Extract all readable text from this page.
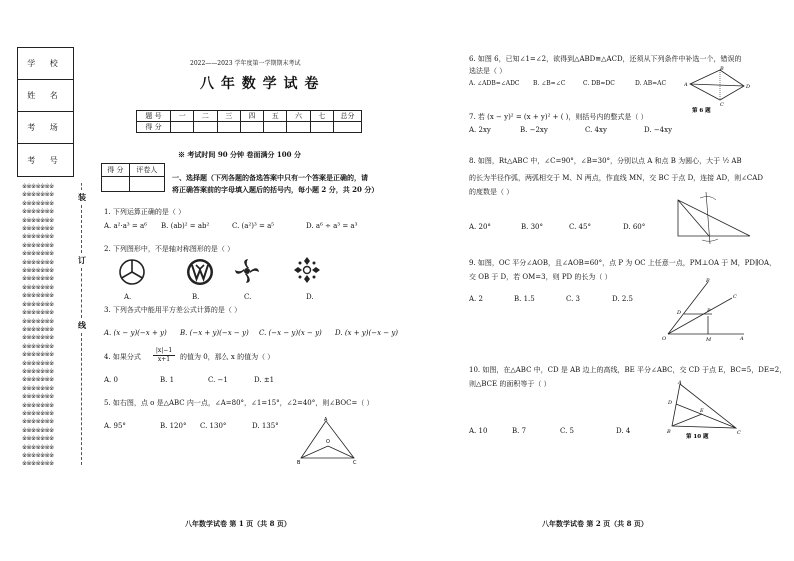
学 校
姓 名
考 场
考 号
※※※※※※※
※※※※※※※
※※※※※※※
※※※※※※※
※※※※※※※
※※※※※※※
※※※※※※※
※※※※※※※
※※※※※※※
※※※※※※※
※※※※※※※
※※※※※※※
※※※※※※※
※※※※※※※
※※※※※※※
※※※※※※※
※※※※※※※
※※※※※※※
※※※※※※※
※※※※※※※
※※※※※※※
※※※※※※※
※※※※※※※
※※※※※※※
※※※※※※※
※※※※※※※
※※※※※※※
※※※※※※※
※※※※※※※
※※※※※※※
※※※※※※※
※※※※※※※
※※※※※※※
※※※※※※※
装
订
线
2022——2023 学年度第一学期期末考试
八 年 数 学 试 卷
题 号	一	二	三	四	五	六	七	总分
得 分								
※ 考试时间 90 分钟 卷面满分 100 分
得 分	评卷人

一、选择题（下列各题的备选答案中只有一个答案是正确的，请
将正确答案前的字母填入题后的括号内，每小题 2 分，共 20 分）
1. 下列运算正确的是（ ）
A. a²·a³ = a⁶ B. (ab)² = ab²	C. (a²)³ = a⁵	D. a⁶ ÷ a³ = a³
2. 下列图形中，不是轴对称图形的是（ ）
A.	B.	C.	D.
3. 下列各式中能用平方差公式计算的是（ ）
A. (x − y)(−x + y) B. (−x + y)(−x − y) C. (−x − y)(x − y) D. (x + y)(−x − y)
4. 如果分式 $\frac{|x|-1}{x+1}$ 的值为 0，那么 x 的值为（ ）
A. 0	B. 1	C. −1	D. ±1
5. 如右图，点 o 是△ABC 内一点，∠A=80°，∠1=15°，∠2=40°，则∠BOC=（ ）
A. 95°	B. 120° C. 130°	D. 135°
A
B	C
O
6. 如图 6，已知∠1=∠2，欲得到△ABD≅△ACD，还须从下列条件中补选一个，错误的
选法是（ ）
A. ∠ADB=∠ADC B. ∠B=∠C	C. DB=DC	D. AB=AC	A
B
C
D
第 6 题
7. 若 (x − y)² = (x + y)² + ( )，则括号内的整式是（ ）
A. 2xy	B. −2xy	C. 4xy	D. −4xy
8. 如图，Rt△ABC 中，∠C=90°，∠B=30°，分别以点 A 和点 B 为圆心，大于 ½ AB
的长为半径作弧，两弧相交于 M、N 两点，作直线 MN，交 BC 于点 D，连接 AD，则∠CAD
的度数是（ ）
A. 20°	B. 30°	C. 45°	D. 60°
9. 如图，OC 平分∠AOB，且∠AOB=60°，点 P 为 OC 上任意一点，PM⊥OA 于 M，PD∥OA，
交 OB 于 D，若 OM=3，则 PD 的长为（ ）
A. 2	B. 1.5	C. 3	D. 2.5
B
C
D	P
O	M	A
10. 如图，在△ABC 中，CD 是 AB 边上的高线，BE 平分∠ABC，交 CD 于点 E，BC=5，DE=2，
则△BCE 的面积等于（ ）
A. 10	B. 7	C. 5	D. 4
A
D
E
B	C
第 10 题
八年数学试卷 第 1 页（共 8 页）	八年数学试卷 第 2 页（共 8 页）
